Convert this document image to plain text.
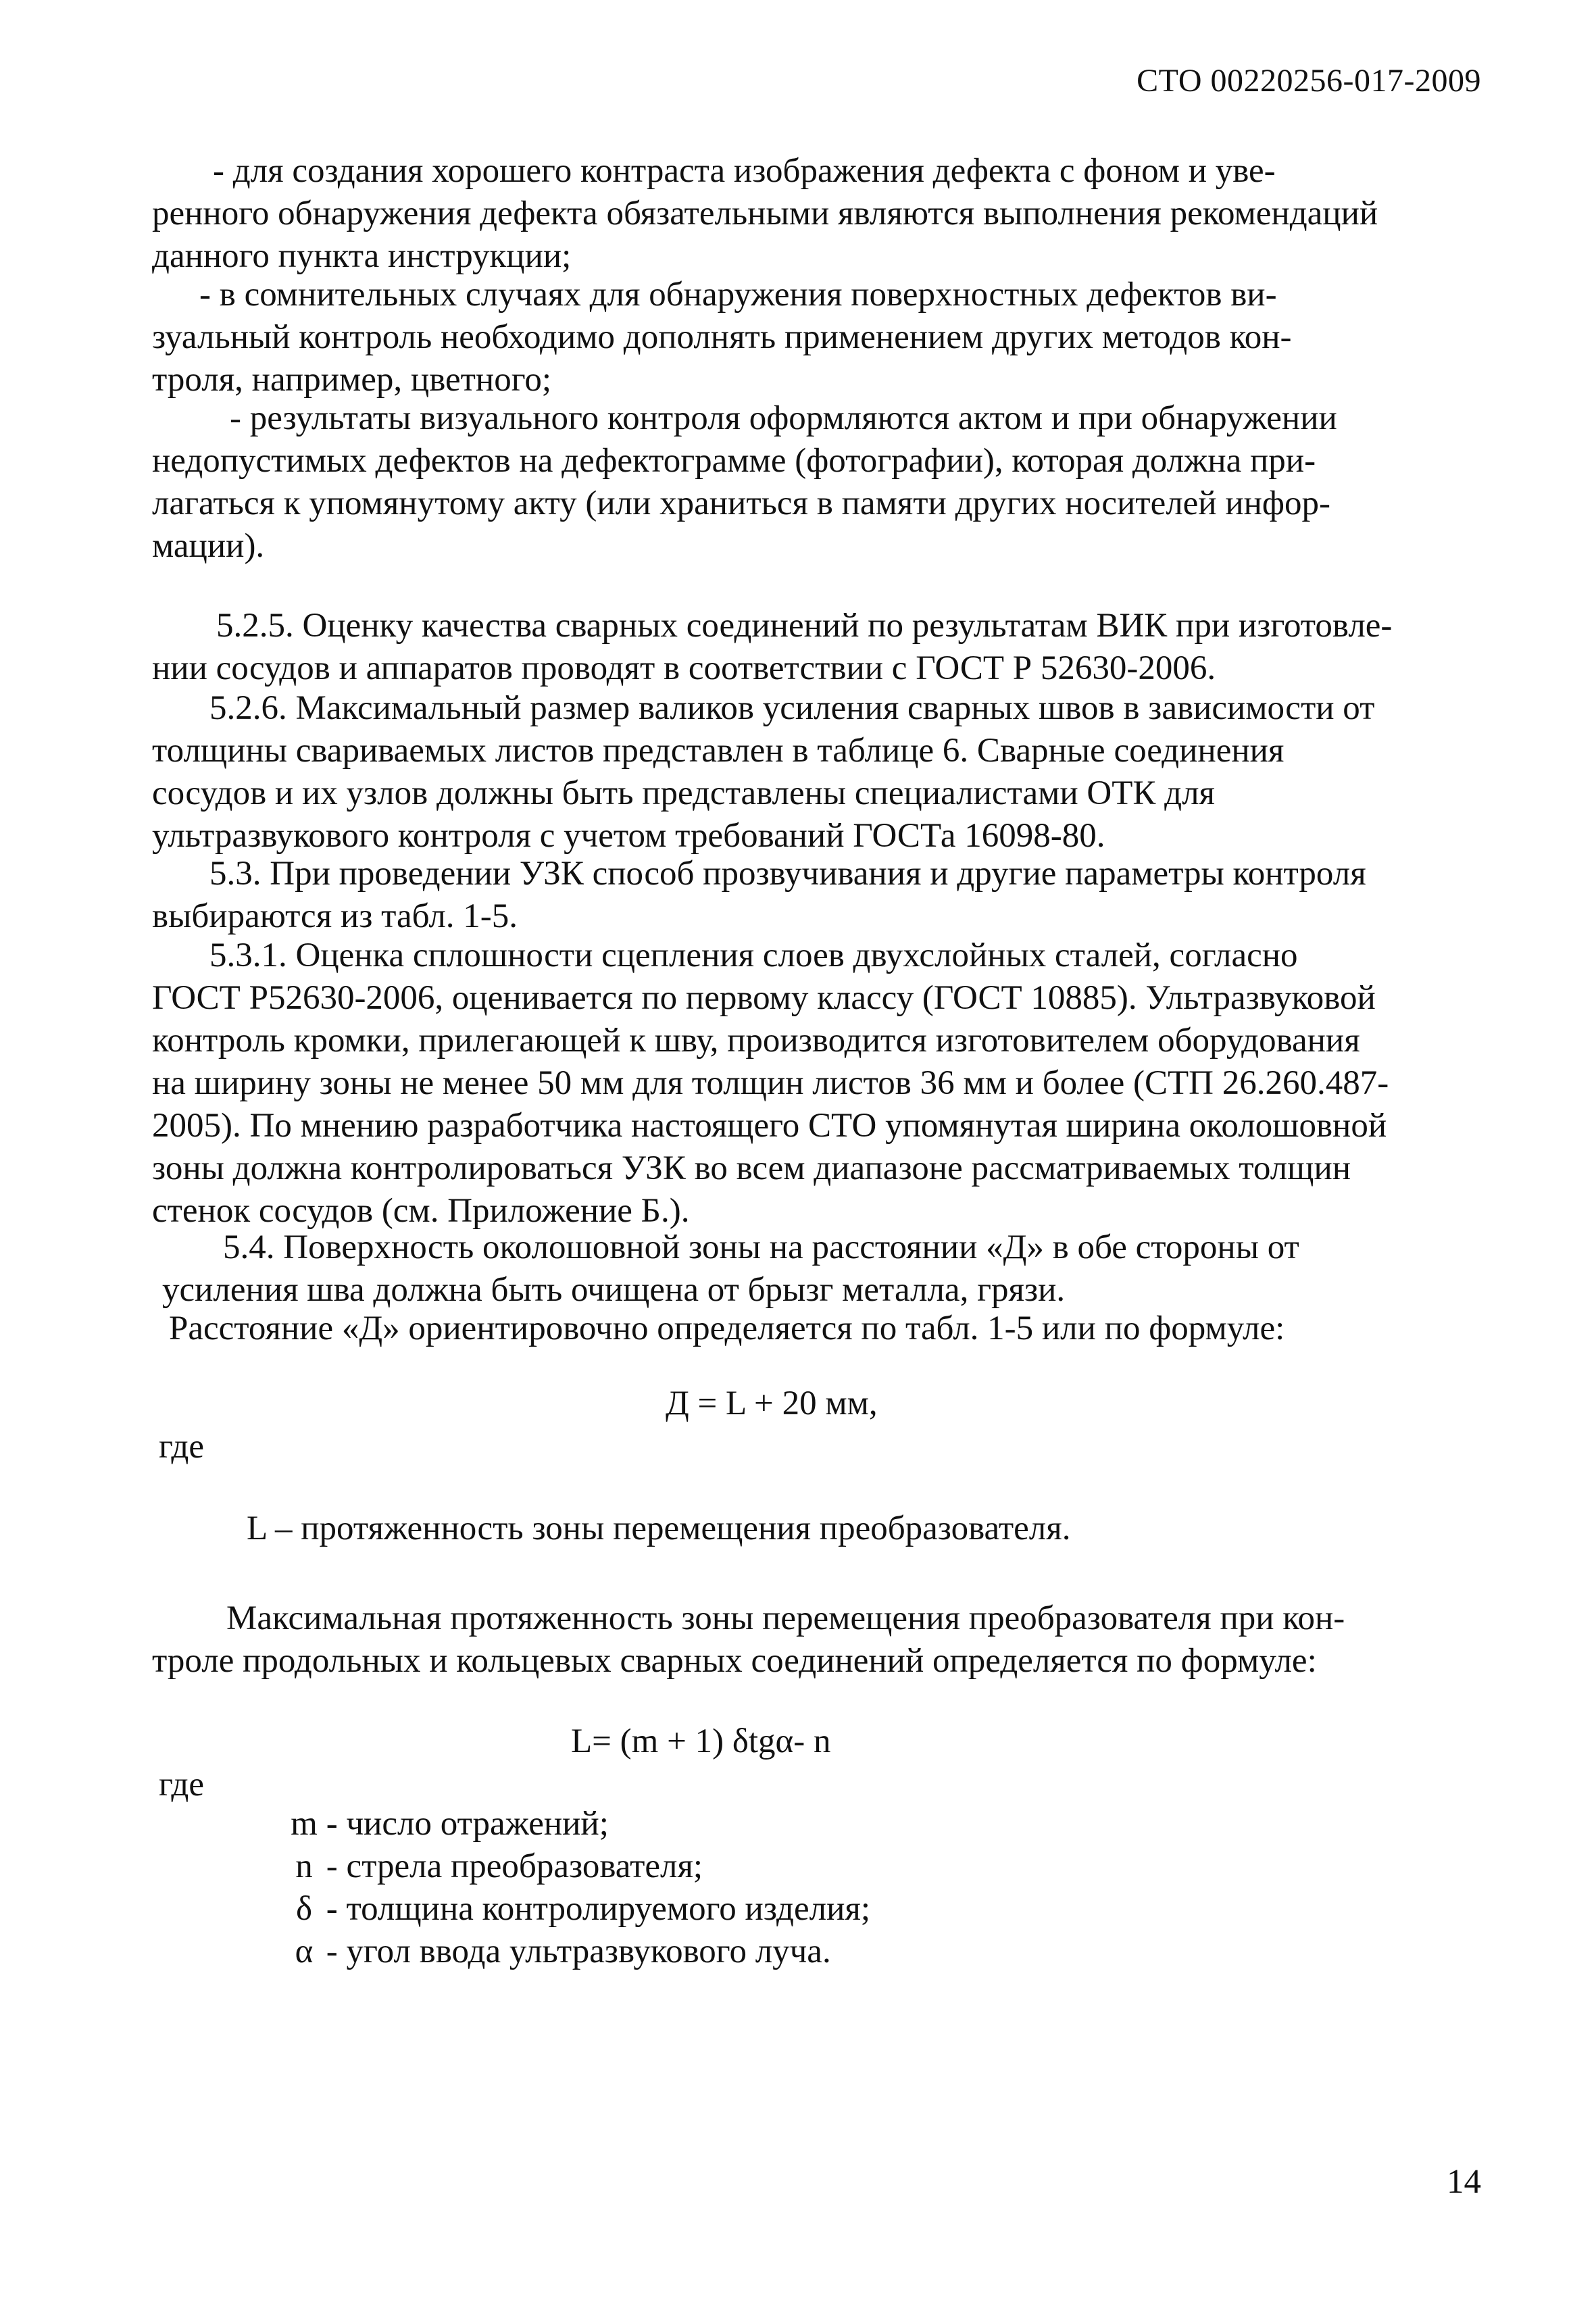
СТО 00220256-017-2009
- для создания хорошего контраста изображения дефекта с фоном и уве-
ренного обнаружения дефекта обязательными являются выполнения рекомендаций
данного пункта инструкции;
- в сомнительных случаях для обнаружения поверхностных дефектов ви-
зуальный контроль необходимо дополнять применением других методов кон-
троля, например, цветного;
- результаты визуального контроля оформляются актом и при обнаружении
недопустимых дефектов на дефектограмме (фотографии), которая должна при-
лагаться к упомянутому акту (или храниться в памяти других носителей инфор-
мации).
5.2.5. Оценку качества сварных соединений по результатам ВИК при изготовле-
нии сосудов и аппаратов проводят в соответствии с ГОСТ Р 52630-2006.
5.2.6. Максимальный размер валиков усиления сварных швов в зависимости от
толщины свариваемых листов представлен в таблице 6. Сварные соединения
сосудов и их узлов должны быть представлены специалистами ОТК для
ультразвукового контроля с учетом требований ГОСТа 16098-80.
5.3. При проведении УЗК способ прозвучивания и другие параметры контроля
выбираются из табл. 1-5.
5.3.1. Оценка сплошности сцепления слоев двухслойных сталей, согласно
ГОСТ Р52630-2006, оценивается по первому классу (ГОСТ 10885). Ультразвуковой
контроль кромки, прилегающей к шву, производится изготовителем оборудования
на ширину зоны не менее 50 мм для толщин листов 36 мм и более (СТП 26.260.487-
2005). По мнению разработчика настоящего СТО упомянутая ширина околошовной
зоны должна контролироваться УЗК во всем диапазоне рассматриваемых толщин
стенок сосудов (см. Приложение Б.).
5.4. Поверхность околошовной зоны на расстоянии «Д» в обе стороны от
усиления шва должна быть очищена от брызг металла, грязи.
Расстояние «Д» ориентировочно определяется по табл. 1-5 или по формуле:
Д = L + 20 мм,
где
L – протяженность зоны перемещения преобразователя.
Максимальная протяженность зоны перемещения преобразователя при кон-
троле продольных и кольцевых сварных соединений определяется по формуле:
L= (m + 1) δtgα- n
где
m - число отражений;
n - стрела преобразователя;
δ - толщина контролируемого изделия;
α - угол ввода ультразвукового луча.
14
